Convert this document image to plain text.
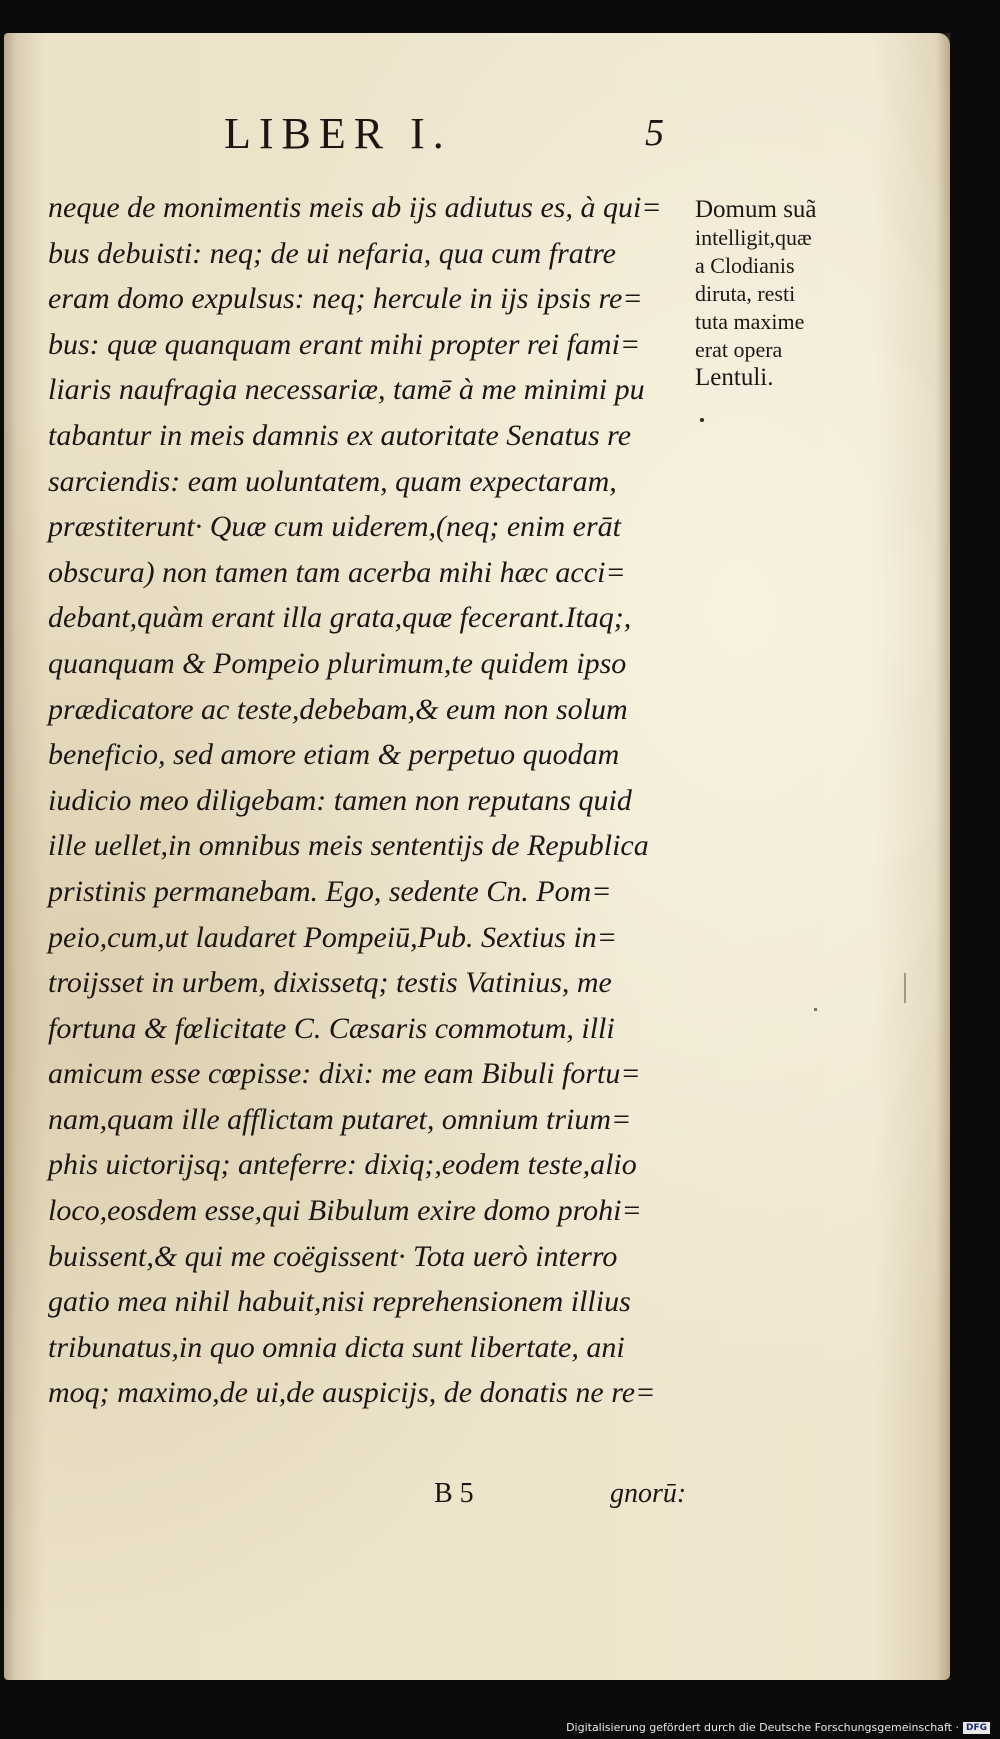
LIBER I.	5
neque de monimentis meis ab ijs adiutus es, à qui=
bus debuisti: neq; de ui nefaria, qua cum fratre
eram domo expulsus: neq; hercule in ijs ipsis re=
bus: quæ quanquam erant mihi propter rei fami=
liaris naufragia necessariæ, tamē à me minimi pu
tabantur in meis damnis ex autoritate Senatus re
sarciendis: eam uoluntatem, quam expectaram,
præstiterunt· Quæ cum uiderem,(neq; enim erāt
obscura) non tamen tam acerba mihi hæc acci=
debant,quàm erant illa grata,quæ fecerant.Itaq;,
quanquam & Pompeio plurimum,te quidem ipso
prædicatore ac teste,debebam,& eum non solum
beneficio, sed amore etiam & perpetuo quodam
iudicio meo diligebam: tamen non reputans quid
ille uellet,in omnibus meis sententijs de Republica
pristinis permanebam. Ego, sedente Cn. Pom=
peio,cum,ut laudaret Pompeiū,Pub. Sextius in=
troijsset in urbem, dixissetq; testis Vatinius, me
fortuna & fœlicitate C. Cæsaris commotum, illi
amicum esse cœpisse: dixi: me eam Bibuli fortu=
nam,quam ille afflictam putaret, omnium trium=
phis uictorijsq; anteferre: dixiq;,eodem teste,alio
loco,eosdem esse,qui Bibulum exire domo prohi=
buissent,& qui me coëgissent· Tota uerò interro
gatio mea nihil habuit,nisi reprehensionem illius
tribunatus,in quo omnia dicta sunt libertate, ani
moq; maximo,de ui,de auspicijs, de donatis ne re=
B 5	gnorū:
Domum suã
intelligit,quæ
a Clodianis
diruta, resti
tuta maxime
erat opera
Lentuli.
Digitalisierung gefördert durch die Deutsche Forschungsgemeinschaft · DFG
